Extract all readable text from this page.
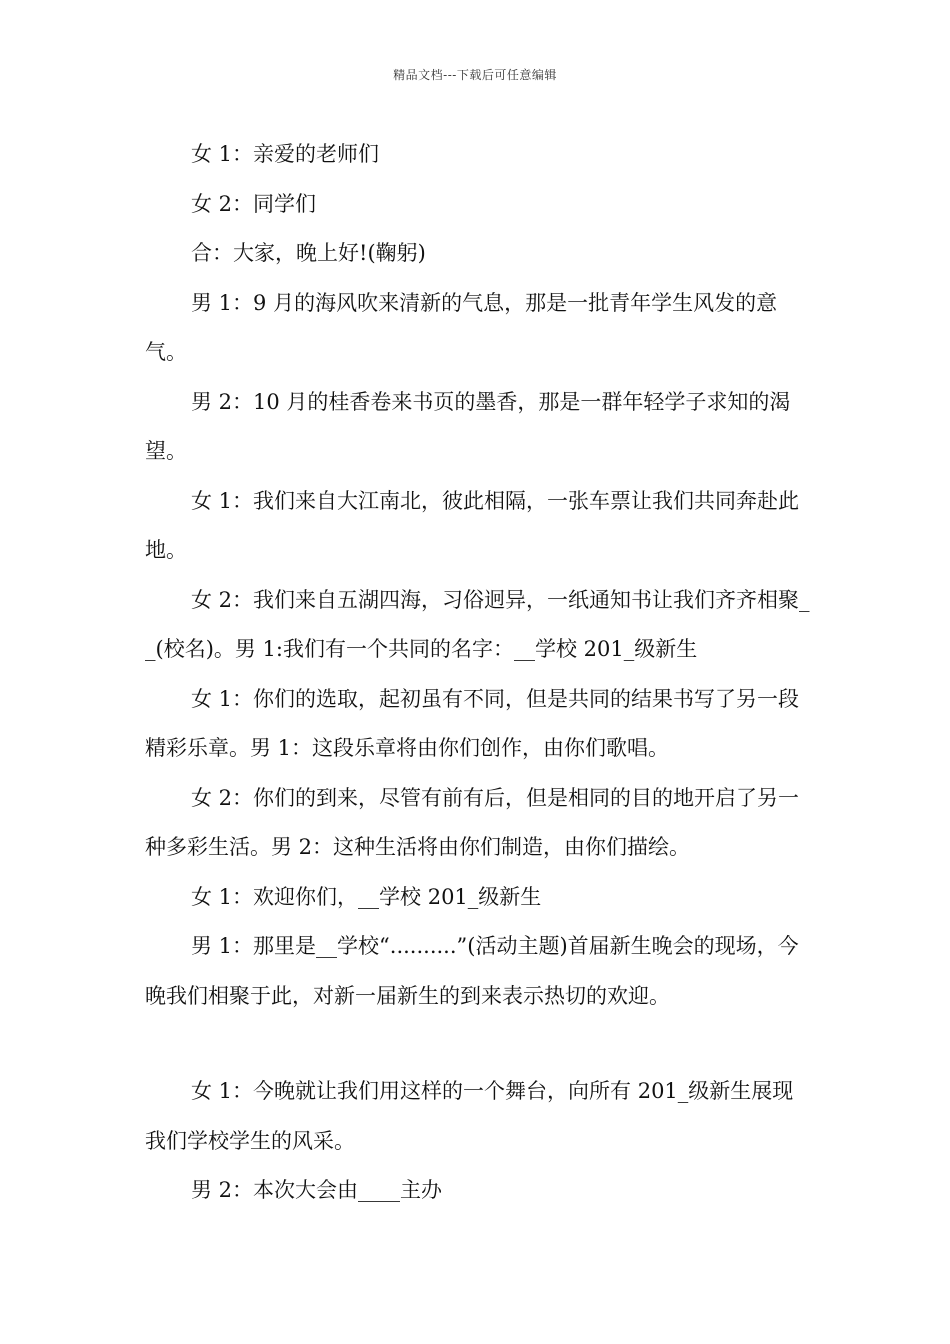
精品文档---下载后可任意编辑

女 1：亲爱的老师们

女 2：同学们

合：大家，晚上好!(鞠躬)

男 1：9 月的海风吹来清新的气息，那是一批青年学生风发的意气。

男 2：10 月的桂香卷来书页的墨香，那是一群年轻学子求知的渴望。

女 1：我们来自大江南北，彼此相隔，一张车票让我们共同奔赴此地。

女 2：我们来自五湖四海，习俗迥异，一纸通知书让我们齐齐相聚__(校名)。男 1:我们有一个共同的名字：__学校 201_级新生

女 1：你们的选取，起初虽有不同，但是共同的结果书写了另一段精彩乐章。男 1：这段乐章将由你们创作，由你们歌唱。

女 2：你们的到来，尽管有前有后，但是相同的目的地开启了另一种多彩生活。男 2：这种生活将由你们制造，由你们描绘。

女 1：欢迎你们，__学校 201_级新生

男 1：那里是__学校“..........”(活动主题)首届新生晚会的现场，今晚我们相聚于此，对新一届新生的到来表示热切的欢迎。

女 1：今晚就让我们用这样的一个舞台，向所有 201_级新生展现我们学校学生的风采。

男 2：本次大会由____主办
